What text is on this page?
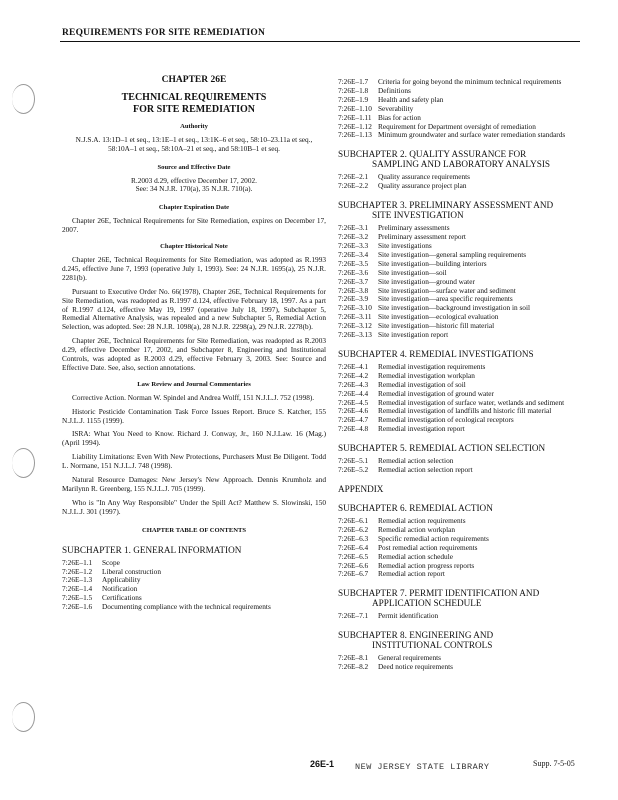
REQUIREMENTS FOR SITE REMEDIATION
CHAPTER 26E
TECHNICAL REQUIREMENTS
FOR SITE REMEDIATION
Authority
N.J.S.A. 13:1D–1 et seq., 13:1E–1 et seq., 13:1K–6 et seq., 58:10–23.11a et seq., 58:10A–1 et seq., 58:10A–21 et seq., and 58:10B–1 et seq.
Source and Effective Date
R.2003 d.29, effective December 17, 2002.
See: 34 N.J.R. 170(a), 35 N.J.R. 710(a).
Chapter Expiration Date

Chapter 26E, Technical Requirements for Site Remediation, expires on December 17, 2007.

Chapter Historical Note

Chapter 26E, Technical Requirements for Site Remediation, was adopted as R.1993 d.245, effective June 7, 1993 (operative July 1, 1993). See: 24 N.J.R. 1695(a), 25 N.J.R. 2281(b).

Pursuant to Executive Order No. 66(1978), Chapter 26E, Technical Requirements for Site Remediation, was readopted as R.1997 d.124, effective February 18, 1997. As a part of R.1997 d.124, effective May 19, 1997 (operative July 18, 1997), Subchapter 5, Remedial Alternative Analysis, was repealed and a new Subchapter 5, Remedial Action Selection, was adopted. See: 28 N.J.R. 1098(a), 28 N.J.R. 2298(a), 29 N.J.R. 2278(b).

Chapter 26E, Technical Requirements for Site Remediation, was readopted as R.2003 d.29, effective December 17, 2002, and Subchapter 8, Engineering and Institutional Controls, was adopted as R.2003 d.29, effective February 3, 2003. See: Source and Effective Date. See, also, section annotations.

Law Review and Journal Commentaries

Corrective Action. Norman W. Spindel and Andrea Wolff, 151 N.J.L.J. 752 (1998).

Historic Pesticide Contamination Task Force Issues Report. Bruce S. Katcher, 155 N.J.L.J. 1155 (1999).

ISRA: What You Need to Know. Richard J. Conway, Jr., 160 N.J.Law. 16 (Mag.) (April 1994).

Liability Limitations: Even With New Protections, Purchasers Must Be Diligent. Todd L. Normane, 151 N.J.L.J. 748 (1998).

Natural Resource Damages: New Jersey's New Approach. Dennis Krumholz and Marilynn R. Greenberg, 155 N.J.L.J. 705 (1999).

Who is "In Any Way Responsible" Under the Spill Act? Matthew S. Slowinski, 150 N.J.L.J. 301 (1997).

CHAPTER TABLE OF CONTENTS
SUBCHAPTER 1. GENERAL INFORMATION
7:26E–1.1	Scope
7:26E–1.2	Liberal construction
7:26E–1.3	Applicability
7:26E–1.4	Notification
7:26E–1.5	Certifications
7:26E–1.6	Documenting compliance with the technical requirements
7:26E–1.7	Criteria for going beyond the minimum technical requirements
7:26E–1.8	Definitions
7:26E–1.9	Health and safety plan
7:26E–1.10 Severability
7:26E–1.11 Bias for action
7:26E–1.12 Requirement for Department oversight of remediation
7:26E–1.13 Minimum groundwater and surface water remediation standards
SUBCHAPTER 2. QUALITY ASSURANCE FOR
SAMPLING AND LABORATORY ANALYSIS
7:26E–2.1	Quality assurance requirements
7:26E–2.2	Quality assurance project plan
SUBCHAPTER 3. PRELIMINARY ASSESSMENT AND
SITE INVESTIGATION
7:26E–3.1	Preliminary assessments
7:26E–3.2	Preliminary assessment report
7:26E–3.3	Site investigations
7:26E–3.4	Site investigation—general sampling requirements
7:26E–3.5	Site investigation—building interiors
7:26E–3.6	Site investigation—soil
7:26E–3.7	Site investigation—ground water
7:26E–3.8	Site investigation—surface water and sediment
7:26E–3.9	Site investigation—area specific requirements
7:26E–3.10 Site investigation—background investigation in soil
7:26E–3.11 Site investigation—ecological evaluation
7:26E–3.12 Site investigation—historic fill material
7:26E–3.13 Site investigation report
SUBCHAPTER 4. REMEDIAL INVESTIGATIONS
7:26E–4.1	Remedial investigation requirements
7:26E–4.2	Remedial investigation workplan
7:26E–4.3	Remedial investigation of soil
7:26E–4.4	Remedial investigation of ground water
7:26E–4.5	Remedial investigation of surface water, wetlands and sediment
7:26E–4.6	Remedial investigation of landfills and historic fill material
7:26E–4.7	Remedial investigation of ecological receptors
7:26E–4.8	Remedial investigation report
SUBCHAPTER 5. REMEDIAL ACTION SELECTION
7:26E–5.1	Remedial action selection
7:26E–5.2	Remedial action selection report
APPENDIX
SUBCHAPTER 6. REMEDIAL ACTION
7:26E–6.1	Remedial action requirements
7:26E–6.2	Remedial action workplan
7:26E–6.3	Specific remedial action requirements
7:26E–6.4	Post remedial action requirements
7:26E–6.5	Remedial action schedule
7:26E–6.6	Remedial action progress reports
7:26E–6.7	Remedial action report
SUBCHAPTER 7. PERMIT IDENTIFICATION AND
APPLICATION SCHEDULE
7:26E–7.1	Permit identification
SUBCHAPTER 8. ENGINEERING AND
INSTITUTIONAL CONTROLS
7:26E–8.1	General requirements
7:26E–8.2	Deed notice requirements
26E-1 NEW JERSEY STATE LIBRARY	Supp. 7-5-05
